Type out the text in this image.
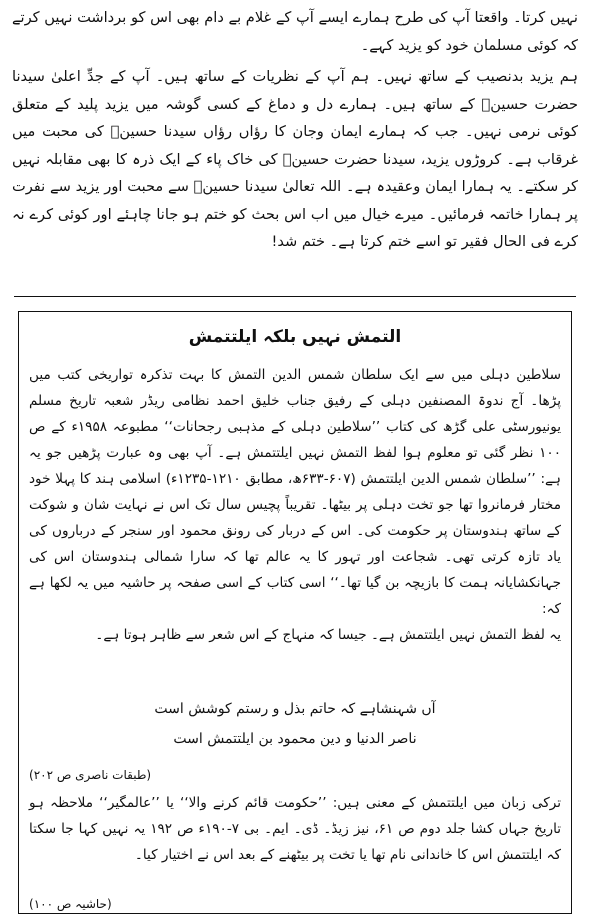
نہیں کرتا۔ واقعتا آپ کی طرح ہمارے ایسے آپ کے غلام بے دام بھی اس کو برداشت نہیں کرتے کہ کوئی مسلمان خود کو یزید کہے۔

ہم یزید بدنصیب کے ساتھ نہیں۔ ہم آپ کے نظریات کے ساتھ ہیں۔ آپ کے جدِّ اعلیٰ سیدنا حضرت حسینؓ کے ساتھ ہیں۔ ہمارے دل و دماغ کے کسی گوشہ میں یزید پلید کے متعلق کوئی نرمی نہیں۔ جب کہ ہمارے ایمان وجان کا رؤاں رؤاں سیدنا حسینؓ کی محبت میں غرقاب ہے۔ کروڑوں یزید، سیدنا حضرت حسینؓ کی خاک پاء کے ایک ذرہ کا بھی مقابلہ نہیں کر سکتے۔ یہ ہمارا ایمان وعقیدہ ہے۔ اللہ تعالیٰ سیدنا حسینؓ سے محبت اور یزید سے نفرت پر ہمارا خاتمہ فرمائیں۔ میرے خیال میں اب اس بحث کو ختم ہو جانا چاہئے اور کوئی کرے نہ کرے فی الحال فقیر تو اسے ختم کرتا ہے۔ ختم شد!

التمش نہیں بلکہ ایلتتمش

سلاطین دہلی میں سے ایک سلطان شمس الدین التمش کا بہت تذکرہ تواریخی کتب میں پڑھا۔ آج ندوۃ المصنفین دہلی کے رفیق جناب خلیق احمد نظامی ریڈر شعبہ تاریخ مسلم یونیورسٹی علی گڑھ کی کتاب ’’سلاطین دہلی کے مذہبی رجحانات‘‘ مطبوعہ ۱۹۵۸ء کے ص ۱۰۰ نظر گئی تو معلوم ہوا لفظ التمش نہیں ایلتتمش ہے۔ آپ بھی وہ عبارت پڑھیں جو یہ ہے: ’’سلطان شمس الدین ایلتتمش (۶۰۷-۶۳۳ھ، مطابق ۱۲۱۰-۱۲۳۵ء) اسلامی ہند کا پہلا خود مختار فرمانروا تھا جو تخت دہلی پر بیٹھا۔ تقریباً پچیس سال تک اس نے نہایت شان و شوکت کے ساتھ ہندوستان پر حکومت کی۔ اس کے دربار کی رونق محمود اور سنجر کے درباروں کی یاد تازہ کرتی تھی۔ شجاعت اور تہور کا یہ عالم تھا کہ سارا شمالی ہندوستان اس کی جہانکشایانہ ہمت کا بازیچہ بن گیا تھا۔‘‘ اسی کتاب کے اسی صفحہ پر حاشیہ میں یہ لکھا ہے کہ:

یہ لفظ التمش نہیں ایلتتمش ہے۔ جیسا کہ منہاج کے اس شعر سے ظاہر ہوتا ہے۔

آں شہنشاہے کہ حاتم بذل و رستم کوشش است
ناصر الدنیا و دین محمود بن ایلتتمش است
(طبقات ناصری ص ۲۰۲)

ترکی زبان میں ایلتتمش کے معنی ہیں: ’’حکومت قائم کرنے والا‘‘ یا ’’عالمگیر‘‘ ملاحظہ ہو تاریخ جہاں کشا جلد دوم ص ۶۱، نیز زیڈ۔ ڈی۔ ایم۔ بی ۷-۱۹۰ء ص ۱۹۲ یہ نہیں کہا جا سکتا کہ ایلتتمش اس کا خاندانی نام تھا یا تخت پر بیٹھنے کے بعد اس نے اختیار کیا۔

(حاشیہ ص ۱۰۰)
